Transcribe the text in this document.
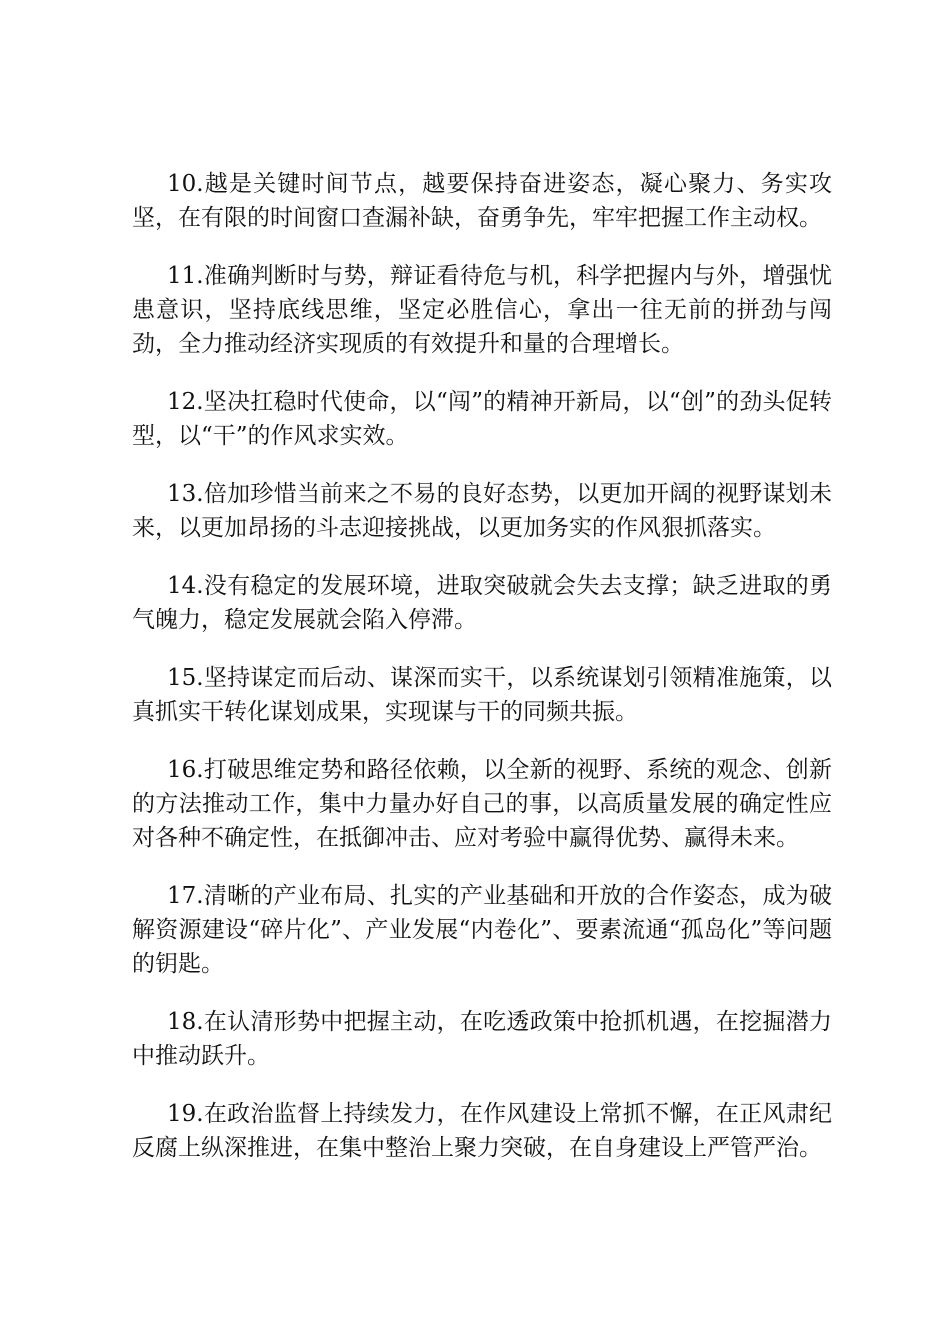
10.越是关键时间节点，越要保持奋进姿态，凝心聚力、务实攻坚，在有限的时间窗口查漏补缺，奋勇争先，牢牢把握工作主动权。

11.准确判断时与势，辩证看待危与机，科学把握内与外，增强忧患意识，坚持底线思维，坚定必胜信心，拿出一往无前的拼劲与闯劲，全力推动经济实现质的有效提升和量的合理增长。

12.坚决扛稳时代使命，以“闯”的精神开新局，以“创”的劲头促转型，以“干”的作风求实效。

13.倍加珍惜当前来之不易的良好态势，以更加开阔的视野谋划未来，以更加昂扬的斗志迎接挑战，以更加务实的作风狠抓落实。

14.没有稳定的发展环境，进取突破就会失去支撑；缺乏进取的勇气魄力，稳定发展就会陷入停滞。

15.坚持谋定而后动、谋深而实干，以系统谋划引领精准施策，以真抓实干转化谋划成果，实现谋与干的同频共振。

16.打破思维定势和路径依赖，以全新的视野、系统的观念、创新的方法推动工作，集中力量办好自己的事，以高质量发展的确定性应对各种不确定性，在抵御冲击、应对考验中赢得优势、赢得未来。

17.清晰的产业布局、扎实的产业基础和开放的合作姿态，成为破解资源建设“碎片化”、产业发展“内卷化”、要素流通“孤岛化”等问题的钥匙。

18.在认清形势中把握主动，在吃透政策中抢抓机遇，在挖掘潜力中推动跃升。

19.在政治监督上持续发力，在作风建设上常抓不懈，在正风肃纪反腐上纵深推进，在集中整治上聚力突破，在自身建设上严管严治。
